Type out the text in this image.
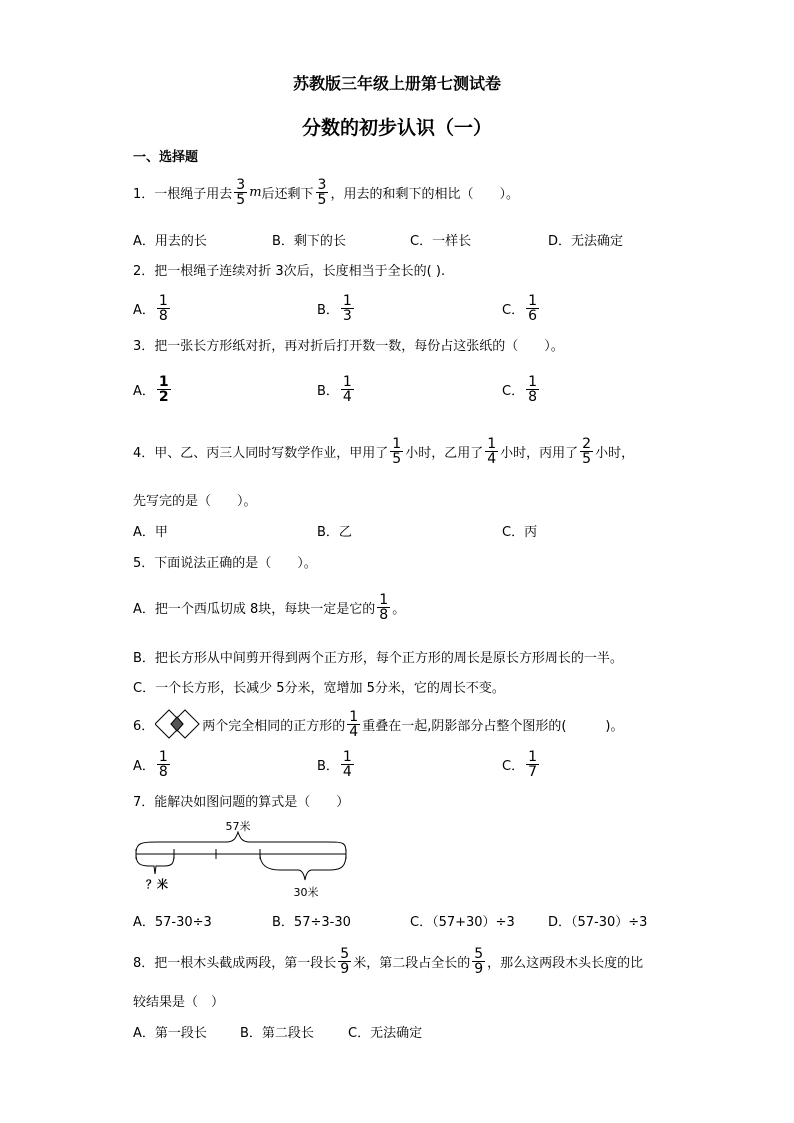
苏教版三年级上册第七测试卷
分数的初步认识（一）
一、选择题
1．一根绳子用去 $\frac{3}{5}$ m 后还剩下 $\frac{3}{5}$ ，用去的和剩下的相比（　　）。
A．用去的长	B．剩下的长	C．一样长	D．无法确定
2．把一根绳子连续对折 3次后，长度相当于全长的( ).
A． $\frac{1}{8}$	B． $\frac{1}{3}$	C． $\frac{1}{6}$
3．把一张长方形纸对折，再对折后打开数一数，每份占这张纸的（　　）。
A． $\frac{1}{2}$	B． $\frac{1}{4}$	C． $\frac{1}{8}$
4．甲、乙、丙三人同时写数学作业，甲用了 $\frac{1}{5}$ 小时，乙用了 $\frac{1}{4}$ 小时，丙用了 $\frac{2}{5}$ 小时，
先写完的是（　　）。
A．甲	B．乙	C．丙
5．下面说法正确的是（　　）。
A．把一个西瓜切成 8块，每块一定是它的 $\frac{1}{8}$ 。
B．把长方形从中间剪开得到两个正方形，每个正方形的周长是原长方形周长的一半。
C．一个长方形，长减少 5分米，宽增加 5分米，它的周长不变。
6．	两个完全相同的正方形的 $\frac{1}{4}$ 重叠在一起,阴影部分占整个图形的(　　　)。
A． $\frac{1}{8}$	B． $\frac{1}{4}$	C． $\frac{1}{7}$
7．能解决如图问题的算式是（　　）
57米
？米
30米
A．57-30÷3	B．57÷3-30	C．（57+30）÷3	D．（57-30）÷3
8．把一根木头截成两段，第一段长 $\frac{5}{9}$ 米，第二段占全长的 $\frac{5}{9}$ ，那么这两段木头长度的比
较结果是（　）
A．第一段长	B．第二段长	C．无法确定
